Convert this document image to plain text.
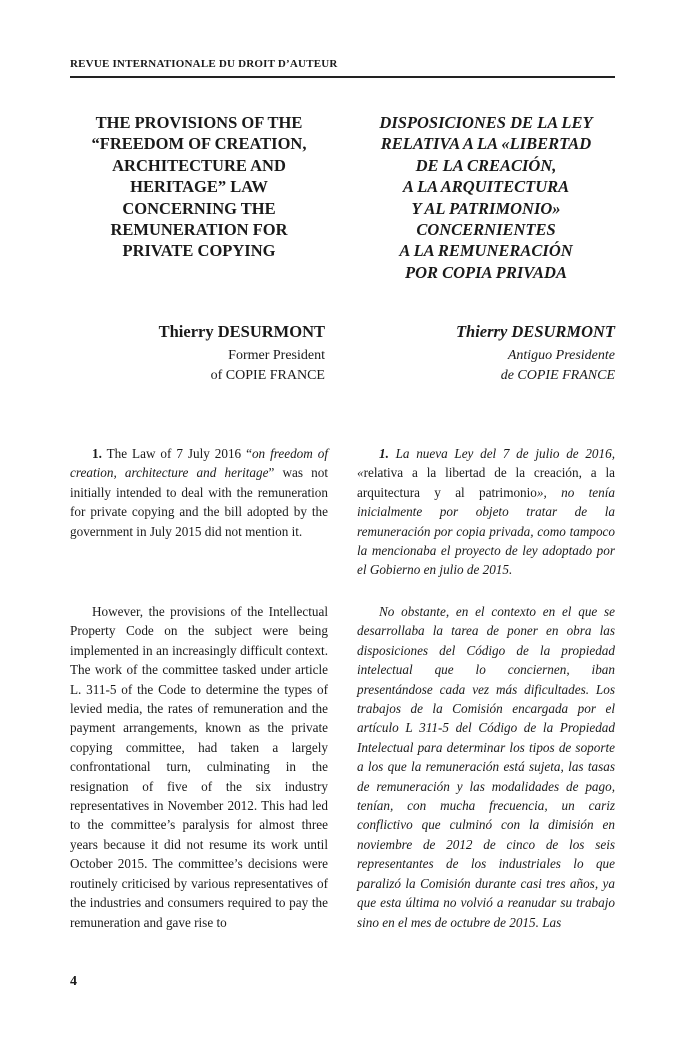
REVUE INTERNATIONALE DU DROIT D’AUTEUR

THE PROVISIONS OF THE

“FREEDOM OF CREATION,

ARCHITECTURE AND

HERITAGE” LAW

CONCERNING THE

REMUNERATION FOR

PRIVATE COPYING

DISPOSICIONES DE LA LEY

RELATIVA A LA «LIBERTAD

DE LA CREACIÓN,

A LA ARQUITECTURA

Y AL PATRIMONIO»

CONCERNIENTES

A LA REMUNERACIÓN

POR COPIA PRIVADA

Thierry DESURMONT	Thierry DESURMONT
Former President
of COPIE FRANCE
Antiguo Presidente
de COPIE FRANCE

1. The Law of 7 July 2016 “on freedom of creation, architecture and heritage” was not initially intended to deal with the remuneration for private copying and the bill adopted by the government in July 2015 did not mention it.

However, the provisions of the Intellectual Property Code on the subject were being implemented in an increasingly difficult context. The work of the committee tasked under article L. 311-5 of the Code to determine the types of levied media, the rates of remuneration and the payment arrangements, known as the private copying committee, had taken a largely confrontational turn, culminating in the resignation of five of the six industry representatives in November 2012. This had led to the committee’s paralysis for almost three years because it did not resume its work until October 2015. The committee’s decisions were routinely criticised by various representatives of the industries and consumers required to pay the remuneration and gave rise to

1. La nueva Ley del 7 de julio de 2016, «relativa a la libertad de la creación, a la arquitectura y al patrimonio», no tenía inicialmente por objeto tratar de la remuneración por copia privada, como tampoco la mencionaba el proyecto de ley adoptado por el Gobierno en julio de 2015.

No obstante, en el contexto en el que se desarrollaba la tarea de poner en obra las disposiciones del Código de la propiedad intelectual que lo conciernen, iban presentándose cada vez más dificultades. Los trabajos de la Comisión encargada por el artículo L 311-5 del Código de la Propiedad Intelectual para determinar los tipos de soporte a los que la remuneración está sujeta, las tasas de remuneración y las modalidades de pago, tenían, con mucha frecuencia, un cariz conflictivo que culminó con la dimisión en noviembre de 2012 de cinco de los seis representantes de los industriales lo que paralizó la Comisión durante casi tres años, ya que esta última no volvió a reanudar su trabajo sino en el mes de octubre de 2015. Las

4
